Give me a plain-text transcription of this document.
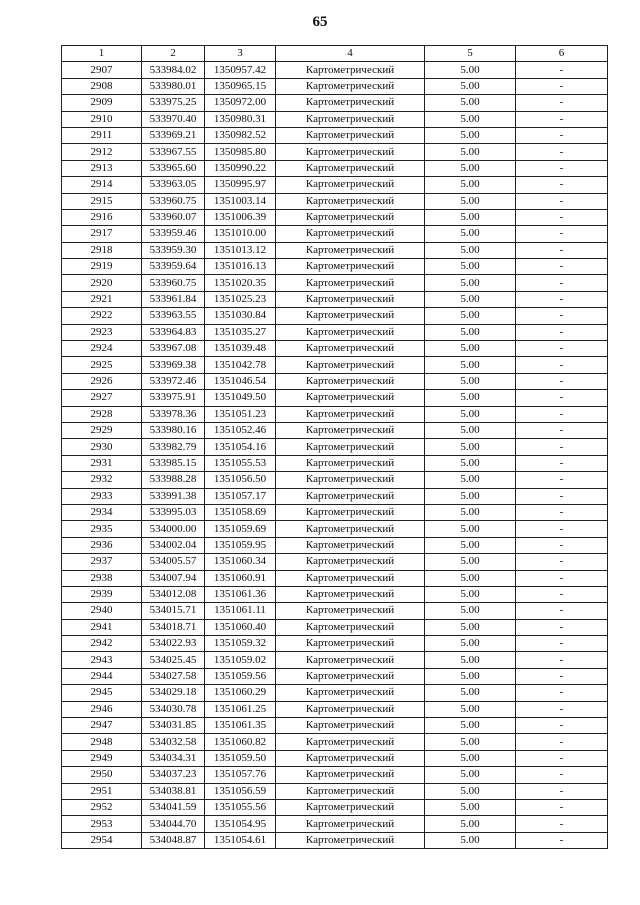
65
1	2	3	4	5	6
2907	533984.02	1350957.42	Картометрический	5.00	-
2908	533980.01	1350965.15	Картометрический	5.00	-
2909	533975.25	1350972.00	Картометрический	5.00	-
2910	533970.40	1350980.31	Картометрический	5.00	-
2911	533969.21	1350982.52	Картометрический	5.00	-
2912	533967.55	1350985.80	Картометрический	5.00	-
2913	533965.60	1350990.22	Картометрический	5.00	-
2914	533963.05	1350995.97	Картометрический	5.00	-
2915	533960.75	1351003.14	Картометрический	5.00	-
2916	533960.07	1351006.39	Картометрический	5.00	-
2917	533959.46	1351010.00	Картометрический	5.00	-
2918	533959.30	1351013.12	Картометрический	5.00	-
2919	533959.64	1351016.13	Картометрический	5.00	-
2920	533960.75	1351020.35	Картометрический	5.00	-
2921	533961.84	1351025.23	Картометрический	5.00	-
2922	533963.55	1351030.84	Картометрический	5.00	-
2923	533964.83	1351035.27	Картометрический	5.00	-
2924	533967.08	1351039.48	Картометрический	5.00	-
2925	533969.38	1351042.78	Картометрический	5.00	-
2926	533972.46	1351046.54	Картометрический	5.00	-
2927	533975.91	1351049.50	Картометрический	5.00	-
2928	533978.36	1351051.23	Картометрический	5.00	-
2929	533980.16	1351052.46	Картометрический	5.00	-
2930	533982.79	1351054.16	Картометрический	5.00	-
2931	533985.15	1351055.53	Картометрический	5.00	-
2932	533988.28	1351056.50	Картометрический	5.00	-
2933	533991.38	1351057.17	Картометрический	5.00	-
2934	533995.03	1351058.69	Картометрический	5.00	-
2935	534000.00	1351059.69	Картометрический	5.00	-
2936	534002.04	1351059.95	Картометрический	5.00	-
2937	534005.57	1351060.34	Картометрический	5.00	-
2938	534007.94	1351060.91	Картометрический	5.00	-
2939	534012.08	1351061.36	Картометрический	5.00	-
2940	534015.71	1351061.11	Картометрический	5.00	-
2941	534018.71	1351060.40	Картометрический	5.00	-
2942	534022.93	1351059.32	Картометрический	5.00	-
2943	534025.45	1351059.02	Картометрический	5.00	-
2944	534027.58	1351059.56	Картометрический	5.00	-
2945	534029.18	1351060.29	Картометрический	5.00	-
2946	534030.78	1351061.25	Картометрический	5.00	-
2947	534031.85	1351061.35	Картометрический	5.00	-
2948	534032.58	1351060.82	Картометрический	5.00	-
2949	534034.31	1351059.50	Картометрический	5.00	-
2950	534037.23	1351057.76	Картометрический	5.00	-
2951	534038.81	1351056.59	Картометрический	5.00	-
2952	534041.59	1351055.56	Картометрический	5.00	-
2953	534044.70	1351054.95	Картометрический	5.00	-
2954	534048.87	1351054.61	Картометрический	5.00	-
